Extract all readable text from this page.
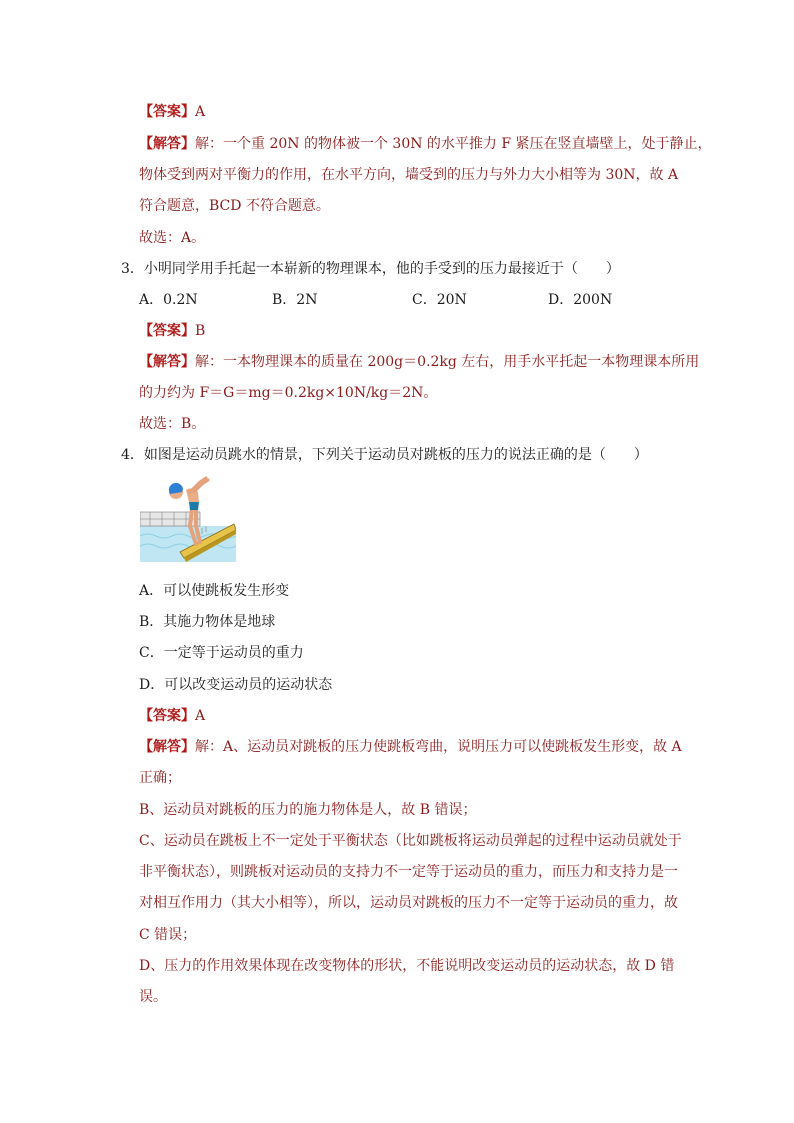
【答案】A
【解答】解：一个重 20N 的物体被一个 30N 的水平推力 F 紧压在竖直墙壁上，处于静止，
物体受到两对平衡力的作用，在水平方向，墙受到的压力与外力大小相等为 30N，故 A
符合题意，BCD 不符合题意。
故选：A。
3．小明同学用手托起一本崭新的物理课本，他的手受到的压力最接近于（　　）
A．0.2N	B．2N	C．20N	D．200N
【答案】B
【解答】解：一本物理课本的质量在 200g＝0.2kg 左右，用手水平托起一本物理课本所用
的力约为 F＝G＝mg＝0.2kg×10N/kg＝2N。
故选：B。
4．如图是运动员跳水的情景，下列关于运动员对跳板的压力的说法正确的是（　　）
A．可以使跳板发生形变
B．其施力物体是地球
C．一定等于运动员的重力
D．可以改变运动员的运动状态
【答案】A
【解答】解：A、运动员对跳板的压力使跳板弯曲，说明压力可以使跳板发生形变，故 A
正确；
B、运动员对跳板的压力的施力物体是人，故 B 错误；
C、运动员在跳板上不一定处于平衡状态（比如跳板将运动员弹起的过程中运动员就处于
非平衡状态），则跳板对运动员的支持力不一定等于运动员的重力，而压力和支持力是一
对相互作用力（其大小相等），所以，运动员对跳板的压力不一定等于运动员的重力，故
C 错误；
D、压力的作用效果体现在改变物体的形状，不能说明改变运动员的运动状态，故 D 错
误。
